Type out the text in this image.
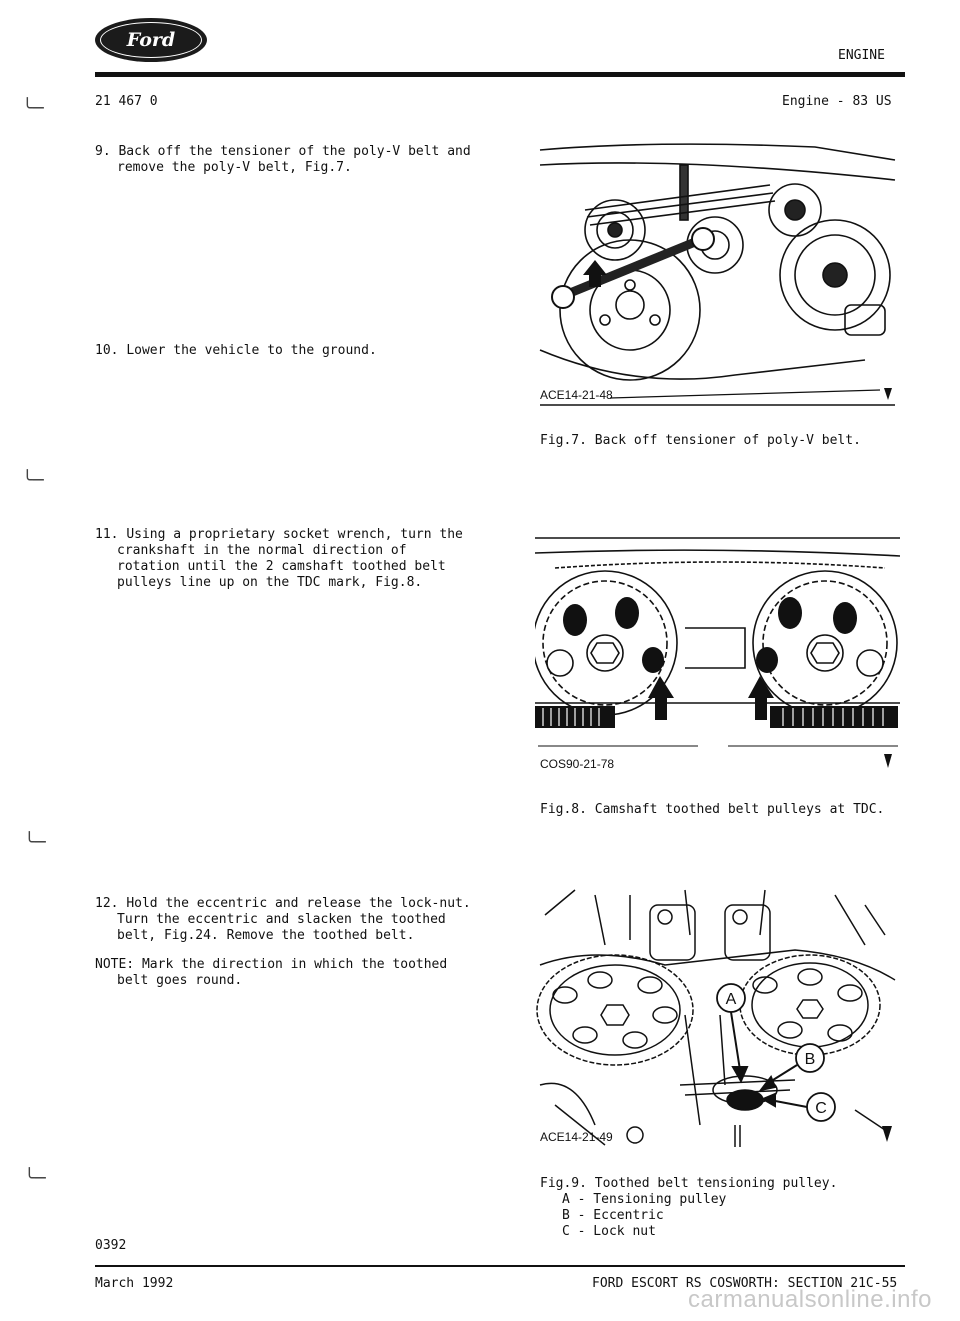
Ford
ENGINE
21 467 0	Engine - 83 US
╰─
╰─
╰─
╰─
9. Back off the tensioner of the poly-V belt and
remove the poly-V belt, Fig.7.
10. Lower the vehicle to the ground.
11. Using a proprietary socket wrench, turn the
crankshaft in the normal direction of
rotation until the 2 camshaft toothed belt
pulleys line up on the TDC mark, Fig.8.
12. Hold the eccentric and release the lock-nut.
Turn the eccentric and slacken the toothed
belt, Fig.24. Remove the toothed belt.
NOTE: Mark the direction in which the toothed
belt goes round.
ACE14-21-48
Fig.7. Back off tensioner of poly-V belt.
COS90-21-78
Fig.8. Camshaft toothed belt pulleys at TDC.
A
B
C
ACE14-21-49
Fig.9. Toothed belt tensioning pulley.
A - Tensioning pulley
B - Eccentric
C - Lock nut
0392
March 1992	FORD ESCORT RS COSWORTH: SECTION 21C-55
carmanualsonline.info
